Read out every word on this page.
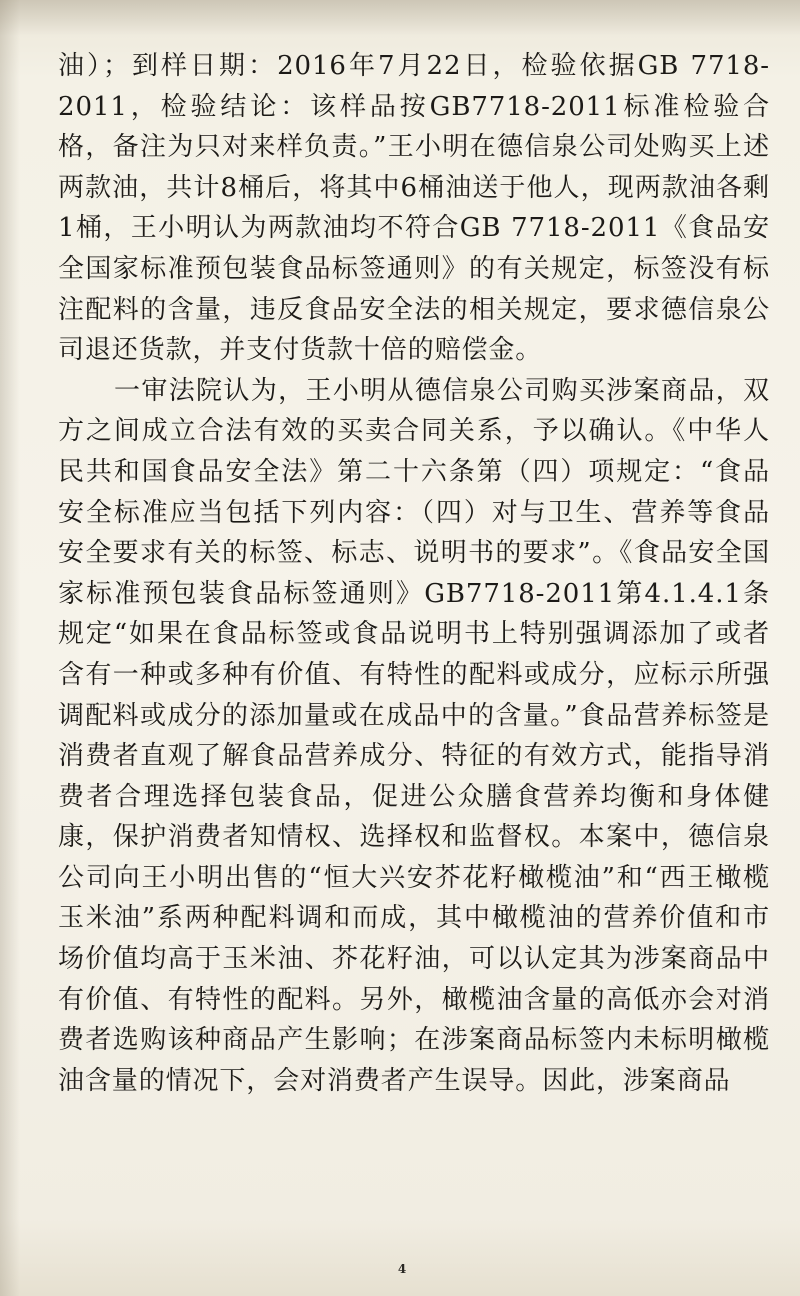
油）；到样日期：2016年7月22日，检验依据GB 7718-2011，检验结论：该样品按GB7718-2011标准检验合格，备注为只对来样负责。”王小明在德信泉公司处购买上述两款油，共计8桶后，将其中6桶油送于他人，现两款油各剩1桶，王小明认为两款油均不符合GB 7718-2011《食品安全国家标准预包装食品标签通则》的有关规定，标签没有标注配料的含量，违反食品安全法的相关规定，要求德信泉公司退还货款，并支付货款十倍的赔偿金。

一审法院认为，王小明从德信泉公司购买涉案商品，双方之间成立合法有效的买卖合同关系，予以确认。《中华人民共和国食品安全法》第二十六条第（四）项规定：“食品安全标准应当包括下列内容：（四）对与卫生、营养等食品安全要求有关的标签、标志、说明书的要求”。《食品安全国家标准预包装食品标签通则》GB7718-2011第4.1.4.1条规定“如果在食品标签或食品说明书上特别强调添加了或者含有一种或多种有价值、有特性的配料或成分，应标示所强调配料或成分的添加量或在成品中的含量。”食品营养标签是消费者直观了解食品营养成分、特征的有效方式，能指导消费者合理选择包装食品，促进公众膳食营养均衡和身体健康，保护消费者知情权、选择权和监督权。本案中，德信泉公司向王小明出售的“恒大兴安芥花籽橄榄油”和“西王橄榄玉米油”系两种配料调和而成，其中橄榄油的营养价值和市场价值均高于玉米油、芥花籽油，可以认定其为涉案商品中有价值、有特性的配料。另外，橄榄油含量的高低亦会对消费者选购该种商品产生影响；在涉案商品标签内未标明橄榄油含量的情况下，会对消费者产生误导。因此，涉案商品

4
